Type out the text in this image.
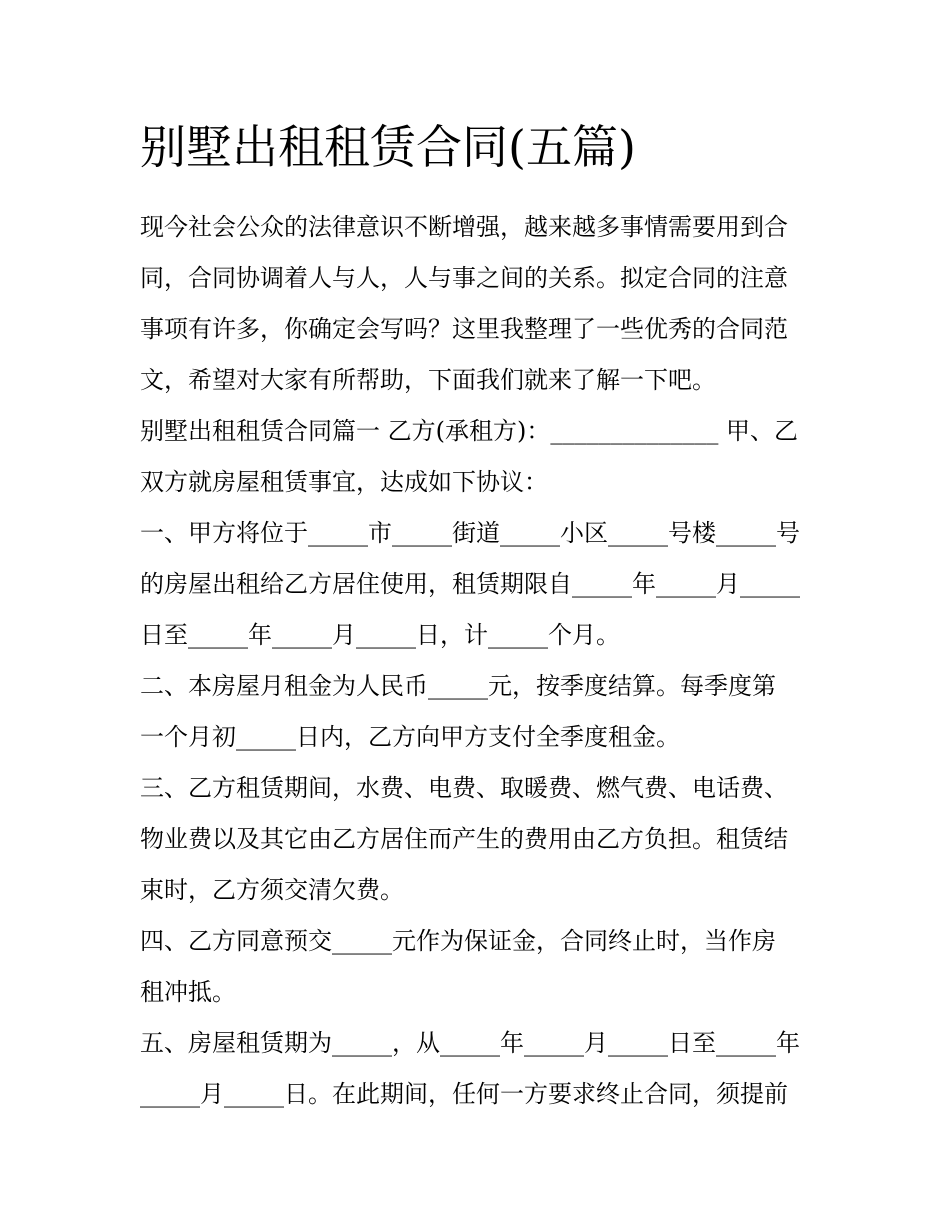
别墅出租租赁合同(五篇)
现今社会公众的法律意识不断增强，越来越多事情需要用到合
同，合同协调着人与人，人与事之间的关系。拟定合同的注意
事项有许多，你确定会写吗？这里我整理了一些优秀的合同范
文，希望对大家有所帮助，下面我们就来了解一下吧。
别墅出租租赁合同篇一 乙方(承租方)：______________ 甲、乙
双方就房屋租赁事宜，达成如下协议：
一、甲方将位于_____市_____街道_____小区_____号楼_____号
的房屋出租给乙方居住使用，租赁期限自_____年_____月_____
日至_____年_____月_____日，计_____个月。
二、本房屋月租金为人民币_____元，按季度结算。每季度第
一个月初_____日内，乙方向甲方支付全季度租金。
三、乙方租赁期间，水费、电费、取暖费、燃气费、电话费、
物业费以及其它由乙方居住而产生的费用由乙方负担。租赁结
束时，乙方须交清欠费。
四、乙方同意预交_____元作为保证金，合同终止时，当作房
租冲抵。
五、房屋租赁期为_____，从_____年_____月_____日至_____年
_____月_____日。在此期间，任何一方要求终止合同，须提前
